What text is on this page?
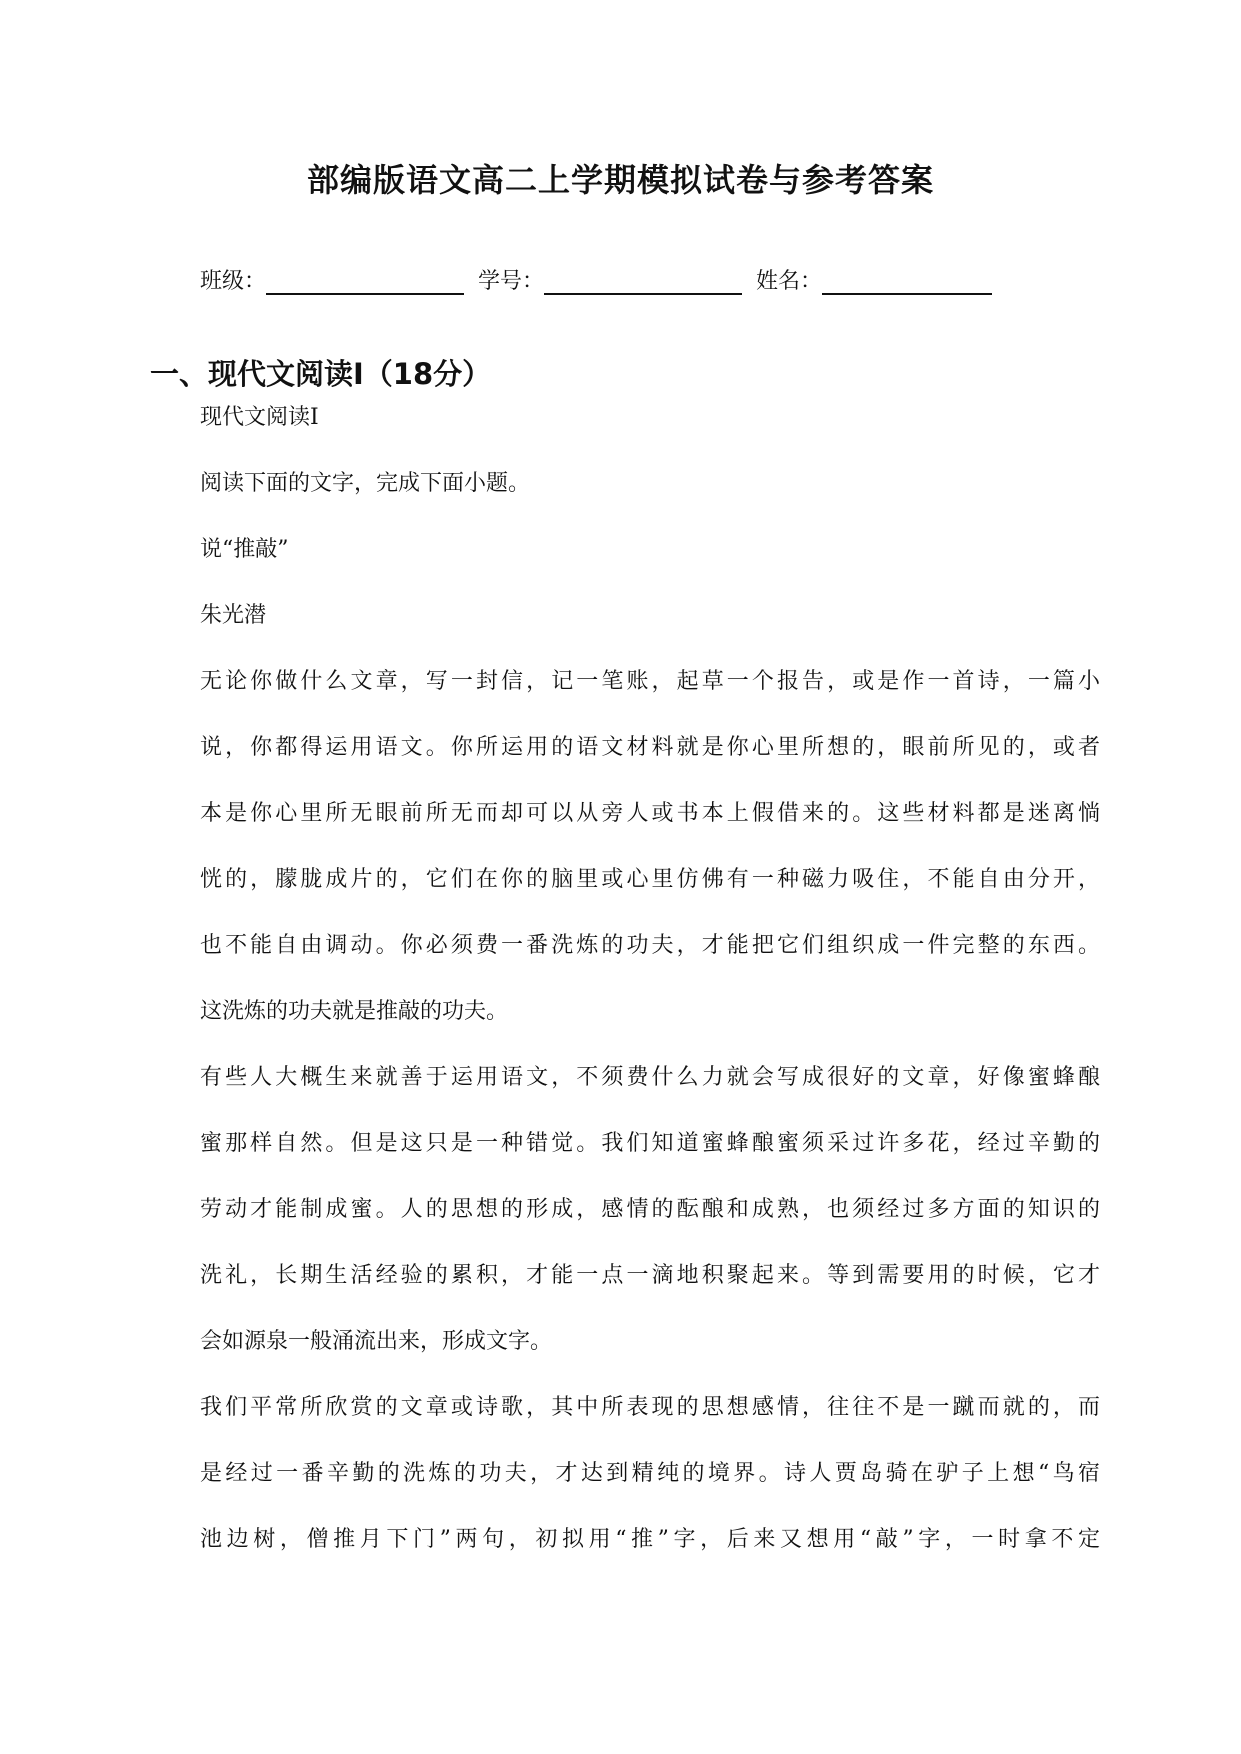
部编版语文高二上学期模拟试卷与参考答案
班级：	学号：	姓名：
一、现代文阅读Ⅰ（18分）
现代文阅读Ⅰ
阅读下面的文字，完成下面小题。
说“推敲”
朱光潜
无论你做什么文章，写一封信，记一笔账，起草一个报告，或是作一首诗，一篇小
说，你都得运用语文。你所运用的语文材料就是你心里所想的，眼前所见的，或者
本是你心里所无眼前所无而却可以从旁人或书本上假借来的。这些材料都是迷离惝
恍的，朦胧成片的，它们在你的脑里或心里仿佛有一种磁力吸住，不能自由分开，
也不能自由调动。你必须费一番洗炼的功夫，才能把它们组织成一件完整的东西。
这洗炼的功夫就是推敲的功夫。
有些人大概生来就善于运用语文，不须费什么力就会写成很好的文章，好像蜜蜂酿
蜜那样自然。但是这只是一种错觉。我们知道蜜蜂酿蜜须采过许多花，经过辛勤的
劳动才能制成蜜。人的思想的形成，感情的酝酿和成熟，也须经过多方面的知识的
洗礼，长期生活经验的累积，才能一点一滴地积聚起来。等到需要用的时候，它才
会如源泉一般涌流出来，形成文字。
我们平常所欣赏的文章或诗歌，其中所表现的思想感情，往往不是一蹴而就的，而
是经过一番辛勤的洗炼的功夫，才达到精纯的境界。诗人贾岛骑在驴子上想“鸟宿
池边树，僧推月下门”两句，初拟用“推”字，后来又想用“敲”字，一时拿不定
